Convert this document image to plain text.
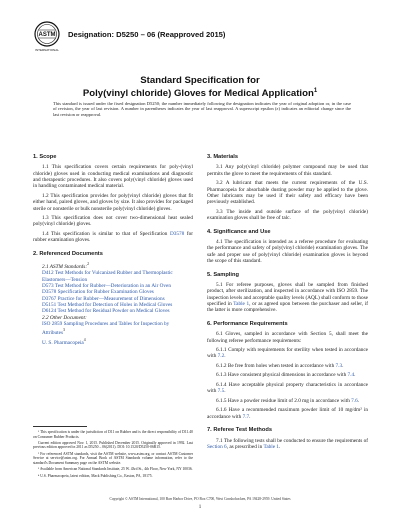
ASTM
INTERNATIONAL
Designation: D5250 – 06 (Reapproved 2015)
Standard Specification for
Poly(vinyl chloride) Gloves for Medical Application$^1$
This standard is issued under the fixed designation D5250; the number immediately following the designation indicates the year of original adoption or, in the case of revision, the year of last revision. A number in parentheses indicates the year of last reapproval. A superscript epsilon (ε) indicates an editorial change since the last revision or reapproval.
1. Scope

1.1 This specification covers certain requirements for poly-(vinyl chloride) gloves used in conducting medical examinations and diagnostic and therapeutic procedures. It also covers poly(vinyl chloride) gloves used in handling contaminated medical material.

1.2 This specification provides for poly(vinyl chloride) gloves that fit either hand, paired gloves, and gloves by size. It also provides for packaged sterile or nonsterile or bulk nonsterile poly(vinyl chloride) gloves.

1.3 This specification does not cover two-dimensional heat sealed poly(vinyl chloride) gloves.

1.4 This specification is similar to that of Specification D3578 for rubber examination gloves.

2. Referenced Documents

2.1 ASTM Standards:$^2$

D412 Test Methods for Vulcanized Rubber and Thermoplastic Elastomers—Tension
D573 Test Method for Rubber—Deterioration in an Air Oven
D3578 Specification for Rubber Examination Gloves
D3767 Practice for Rubber—Measurement of Dimensions
D5151 Test Method for Detection of Holes in Medical Gloves
D6124 Test Method for Residual Powder on Medical Gloves

2.2 Other Document:

ISO 2859 Sampling Procedures and Tables for Inspection by Attributes$^3$
U. S. Pharmacopeia$^4$

¹ This specification is under the jurisdiction of D11 on Rubber and is the direct responsibility of D11.40 on Consumer Rubber Products.

Current edition approved Nov. 1, 2015. Published December 2015. Originally approved in 1992. Last previous edition approved in 2011 as D5250 – 06(2011). DOI: 10.1520/D5250-06R15.

² For referenced ASTM standards, visit the ASTM website, www.astm.org, or contact ASTM Customer Service at service@astm.org. For Annual Book of ASTM Standards volume information, refer to the standard's Document Summary page on the ASTM website.

³ Available from American National Standards Institute, 25 W. 43rd St., 4th Floor, New York, NY 10036.

⁴ U.S. Pharmacopeia, latest edition, Mack Publishing Co., Easton, PA, 18175.

3. Materials

3.1 Any poly(vinyl chloride) polymer compound may be used that permits the glove to meet the requirements of this standard.

3.2 A lubricant that meets the current requirements of the U.S. Pharmacopeia for absorbable dusting powder may be applied to the glove. Other lubricants may be used if their safety and efficacy have been previously established.

3.3 The inside and outside surface of the poly(vinyl chloride) examination gloves shall be free of talc.

4. Significance and Use

4.1 The specification is intended as a referee procedure for evaluating the performance and safety of poly(vinyl chloride) examination gloves. The safe and proper use of poly(vinyl chloride) examination gloves is beyond the scope of this standard.

5. Sampling

5.1 For referee purposes, gloves shall be sampled from finished product, after sterilization, and inspected in accordance with ISO 2859. The inspection levels and acceptable quality levels (AQL) shall conform to those specified in Table 1, or as agreed upon between the purchaser and seller, if the latter is more comprehensive.

6. Performance Requirements

6.1 Gloves, sampled in accordance with Section 5, shall meet the following referee performance requirements:

6.1.1 Comply with requirements for sterility when tested in accordance with 7.2.

6.1.2 Be free from holes when tested in accordance with 7.3.

6.1.3 Have consistent physical dimensions in accordance with 7.4.

6.1.4 Have acceptable physical property characteristics in accordance with 7.5.

6.1.5 Have a powder residue limit of 2.0 mg in accordance with 7.6.

6.1.6 Have a recommended maximum powder limit of 10 mg/dm² in accordance with 7.7.

7. Referee Test Methods

7.1 The following tests shall be conducted to ensure the requirements of Section 6, as prescribed in Table 1.

Copyright © ASTM International, 100 Barr Harbor Drive, PO Box C700, West Conshohocken, PA 19428-2959. United States
1
